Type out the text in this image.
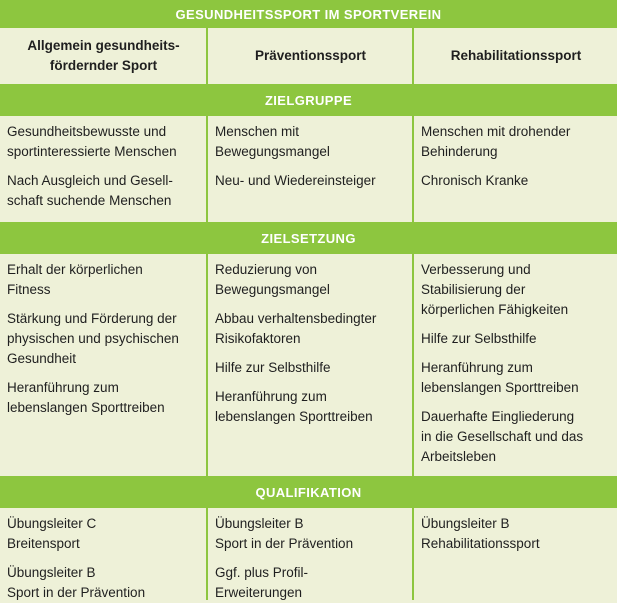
GESUNDHEITSSPORT IM SPORTVEREIN
Allgemein gesundheits-
fördernder Sport
Präventionssport	Rehabilitationssport
ZIELGRUPPE
Gesundheitsbewusste und
sportinteressierte Menschen
Nach Ausgleich und Gesell-
schaft suchende Menschen
Menschen mit
Bewegungsmangel
Neu- und Wiedereinsteiger
Menschen mit drohender
Behinderung
Chronisch Kranke
ZIELSETZUNG
Erhalt der körperlichen
Fitness
Stärkung und Förderung der
physischen und psychischen
Gesundheit
Heranführung zum
lebenslangen Sporttreiben
Reduzierung von
Bewegungsmangel
Abbau verhaltensbedingter
Risikofaktoren
Hilfe zur Selbsthilfe
Heranführung zum
lebenslangen Sporttreiben
Verbesserung und
Stabilisierung der
körperlichen Fähigkeiten
Hilfe zur Selbsthilfe
Heranführung zum
lebenslangen Sporttreiben
Dauerhafte Eingliederung
in die Gesellschaft und das
Arbeitsleben
QUALIFIKATION
Übungsleiter C
Breitensport
Übungsleiter B
Sport in der Prävention
Übungsleiter B
Sport in der Prävention
Ggf. plus Profil-
Erweiterungen
Übungsleiter B
Rehabilitationssport
